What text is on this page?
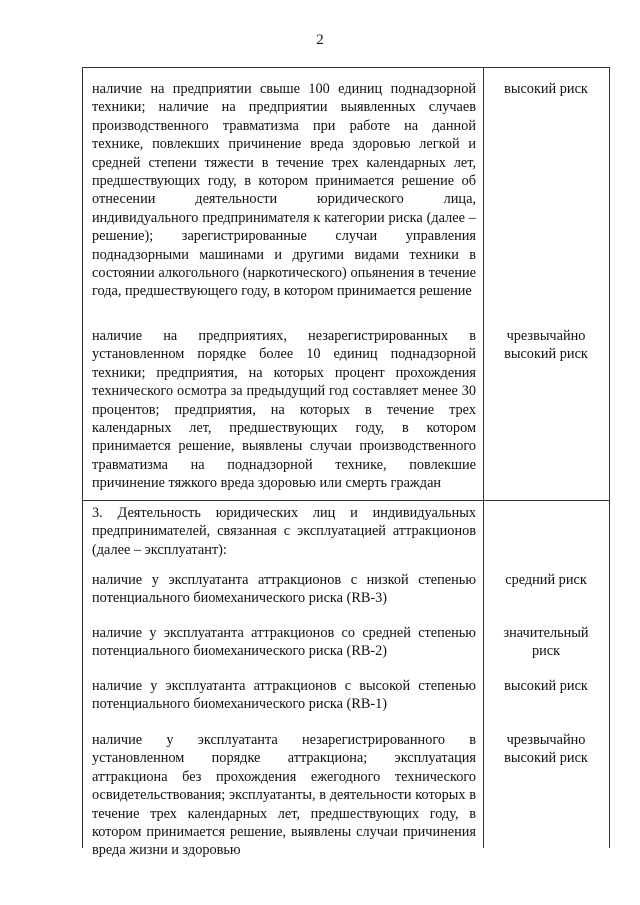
2
наличие на предприятии свыше 100 единиц поднадзорной техники; наличие на предприятии выявленных случаев производственного травматизма при работе на данной технике, повлекших причинение вреда здоровью легкой и средней степени тяжести в течение трех календарных лет, предшествующих году, в котором принимается решение об отнесении деятельности юридического лица, индивидуального предпринимателя к категории риска (далее – решение); зарегистрированные случаи управления поднадзорными машинами и другими видами техники в состоянии алкогольного (наркотического) опьянения в течение года, предшествующего году, в котором принимается решение
высокий риск
наличие на предприятиях, незарегистрированных в установленном порядке более 10 единиц поднадзорной техники; предприятия, на которых процент прохождения технического осмотра за предыдущий год составляет менее 30 процентов; предприятия, на которых в течение трех календарных лет, предшествующих году, в котором принимается решение, выявлены случаи производственного травматизма на поднадзорной технике, повлекшие причинение тяжкого вреда здоровью или смерть граждан
чрезвычайно высокий риск
3. Деятельность юридических лиц и индивидуальных предпринимателей, связанная с эксплуатацией аттракционов (далее – эксплуатант):
наличие у эксплуатанта аттракционов с низкой степенью потенциального биомеханического риска (RB-3)
средний риск
наличие у эксплуатанта аттракционов со средней степенью потенциального биомеханического риска (RB-2)
значительный риск
наличие у эксплуатанта аттракционов с высокой степенью потенциального биомеханического риска (RB-1)
высокий риск
наличие у эксплуатанта незарегистрированного в установленном порядке аттракциона; эксплуатация аттракциона без прохождения ежегодного технического освидетельствования; эксплуатанты, в деятельности которых в течение трех календарных лет, предшествующих году, в котором принимается решение, выявлены случаи причинения вреда жизни и здоровью
чрезвычайно высокий риск
